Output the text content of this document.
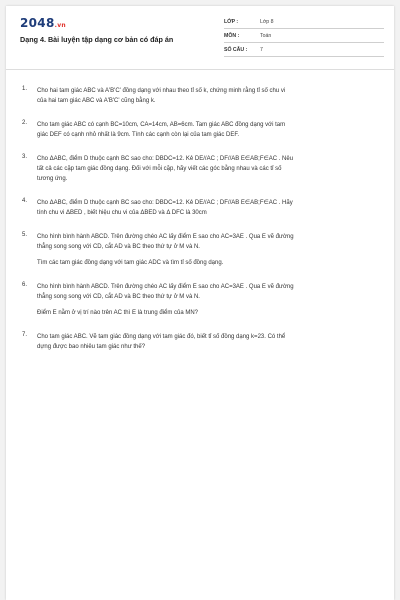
2048.vn
Dạng 4. Bài luyện tập dạng cơ bản có đáp án
LỚP :	Lớp 8
MÔN :	Toán
SỐ CÂU :	7
1.	Cho hai tam giác ABC và A'B'C' đồng dạng với nhau theo tỉ số k, chứng minh rằng tỉ số chu vi
của hai tam giác ABC và A'B'C' cũng bằng k.
2.	Cho tam giác ABC có cạnh BC=10cm, CA=14cm, AB=6cm. Tam giác ABC đồng dạng với tam
giác DEF có cạnh nhỏ nhất là 9cm. Tính các cạnh còn lại của tam giác DEF.
3.	Cho ΔABC, điểm D thuộc cạnh BC sao cho: DBDC=12. Kẻ DE//AC ; DF//AB E∈AB;F∈AC . Nêu
tất cả các cặp tam giác đồng dạng. Đối với mỗi cặp, hãy viết các góc bằng nhau và các tỉ số
tương ứng.
4.	Cho ΔABC, điểm D thuộc cạnh BC sao cho: DBDC=12. Kẻ DE//AC ; DF//AB E∈AB;F∈AC . Hãy
tính chu vi ΔBED , biết hiệu chu vi của ΔBED và Δ DFC là 30cm
5.	Cho hình bình hành ABCD. Trên đường chéo AC lấy điểm E sao cho AC=3AE . Qua E vẽ đường
thẳng song song với CD, cắt AD và BC theo thứ tự ở M và N.
Tìm các tam giác đồng dạng với tam giác ADC và tìm tỉ số đồng dạng.
6.	Cho hình bình hành ABCD. Trên đường chéo AC lấy điểm E sao cho AC=3AE . Qua E vẽ đường
thẳng song song với CD, cắt AD và BC theo thứ tự ở M và N.
Điểm E nằm ở vị trí nào trên AC thì E là trung điểm của MN?
7.	Cho tam giác ABC. Vẽ tam giác đồng dạng với tam giác đó, biết tỉ số đồng dạng k=23. Có thể
dựng được bao nhiêu tam giác như thế?
